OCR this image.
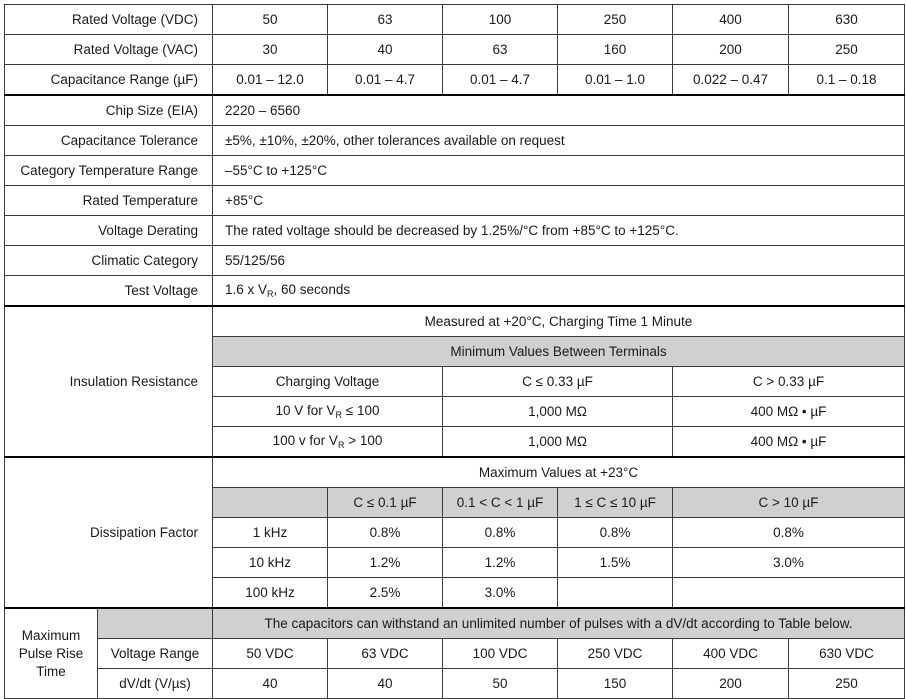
Rated Voltage (VDC)		50	63	100	250	400	630
Rated Voltage (VAC)		30	40	63	160	200	250
Capacitance Range (µF)		0.01 – 12.0	0.01 – 4.7	0.01 – 4.7	0.01 – 1.0	0.022 – 0.47	0.1 – 0.18
Chip Size (EIA)		2220 – 6560					
Capacitance Tolerance		±5%, ±10%, ±20%, other tolerances available on request					
Category Temperature Range		–55°C to +125°C					
Rated Temperature		+85°C					
Voltage Derating		The rated voltage should be decreased by 1.25%/°C from +85°C to +125°C.					
Climatic Category		55/125/56					
Test Voltage		1.6 x $V_R$, 60 seconds					
Insulation Resistance		Measured at +20°C, Charging Time 1 Minute					
		Minimum Values Between Terminals					
		Charging Voltage		C ≤ 0.33 µF		C > 0.33 µF	
		10 V for $V_R \le 100$		1,000 MΩ		400 MΩ • µF	
		100 v for $V_R > 100$		1,000 MΩ		400 MΩ • µF	
Dissipation Factor		Maximum Values at +23°C					
			C ≤ 0.1 µF	0.1 < C < 1 µF	1 ≤ C ≤ 10 µF	C > 10 µF	
		1 kHz	0.8%	0.8%	0.8%	0.8%	
		10 kHz	1.2%	1.2%	1.5%	3.0%	
		100 kHz	2.5%	3.0%			

Maximum
Pulse Rise
Time		The capacitors can withstand an unlimited number of pulses with a dV/dt according to Table below.					
	Voltage Range	50 VDC	63 VDC	100 VDC	250 VDC	400 VDC	630 VDC
	dV/dt (V/µs)	40	40	50	150	200	250
